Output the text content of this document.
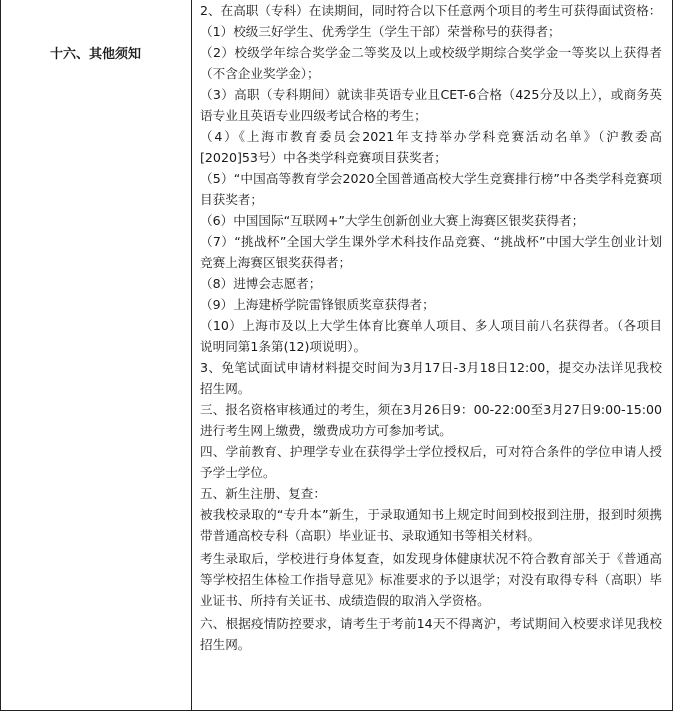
十六、其他须知

2、在高职（专科）在读期间，同时符合以下任意两个项目的考生可获得面试资格：

（1）校级三好学生、优秀学生（学生干部）荣誉称号的获得者；

（2）校级学年综合奖学金二等奖及以上或校级学期综合奖学金一等奖以上获得者（不含企业奖学金）；

（3）高职（专科期间）就读非英语专业且CET-6合格（425分及以上），或商务英语专业且英语专业四级考试合格的考生；

（4）《上海市教育委员会2021年支持举办学科竞赛活动名单》（沪教委高[2020]53号）中各类学科竞赛项目获奖者；

（5）“中国高等教育学会2020全国普通高校大学生竞赛排行榜”中各类学科竞赛项目获奖者；

（6）中国国际“互联网+”大学生创新创业大赛上海赛区银奖获得者；

（7）“挑战杯”全国大学生课外学术科技作品竞赛、“挑战杯”中国大学生创业计划竞赛上海赛区银奖获得者；

（8）进博会志愿者；

（9）上海建桥学院雷锋银质奖章获得者；

（10）上海市及以上大学生体育比赛单人项目、多人项目前八名获得者。（各项目说明同第1条第(12)项说明）。

3、免笔试面试申请材料提交时间为3月17日-3月18日12:00，提交办法详见我校招生网。

三、报名资格审核通过的考生，须在3月26日9：00-22:00至3月27日9:00-15:00进行考生网上缴费，缴费成功方可参加考试。

四、学前教育、护理学专业在获得学士学位授权后，可对符合条件的学位申请人授予学士学位。

五、新生注册、复查：

被我校录取的“专升本”新生，于录取通知书上规定时间到校报到注册，报到时须携带普通高校专科（高职）毕业证书、录取通知书等相关材料。

考生录取后，学校进行身体复查，如发现身体健康状况不符合教育部关于《普通高等学校招生体检工作指导意见》标准要求的予以退学；对没有取得专科（高职）毕业证书、所持有关证书、成绩造假的取消入学资格。

六、根据疫情防控要求，请考生于考前14天不得离沪，考试期间入校要求详见我校招生网。
